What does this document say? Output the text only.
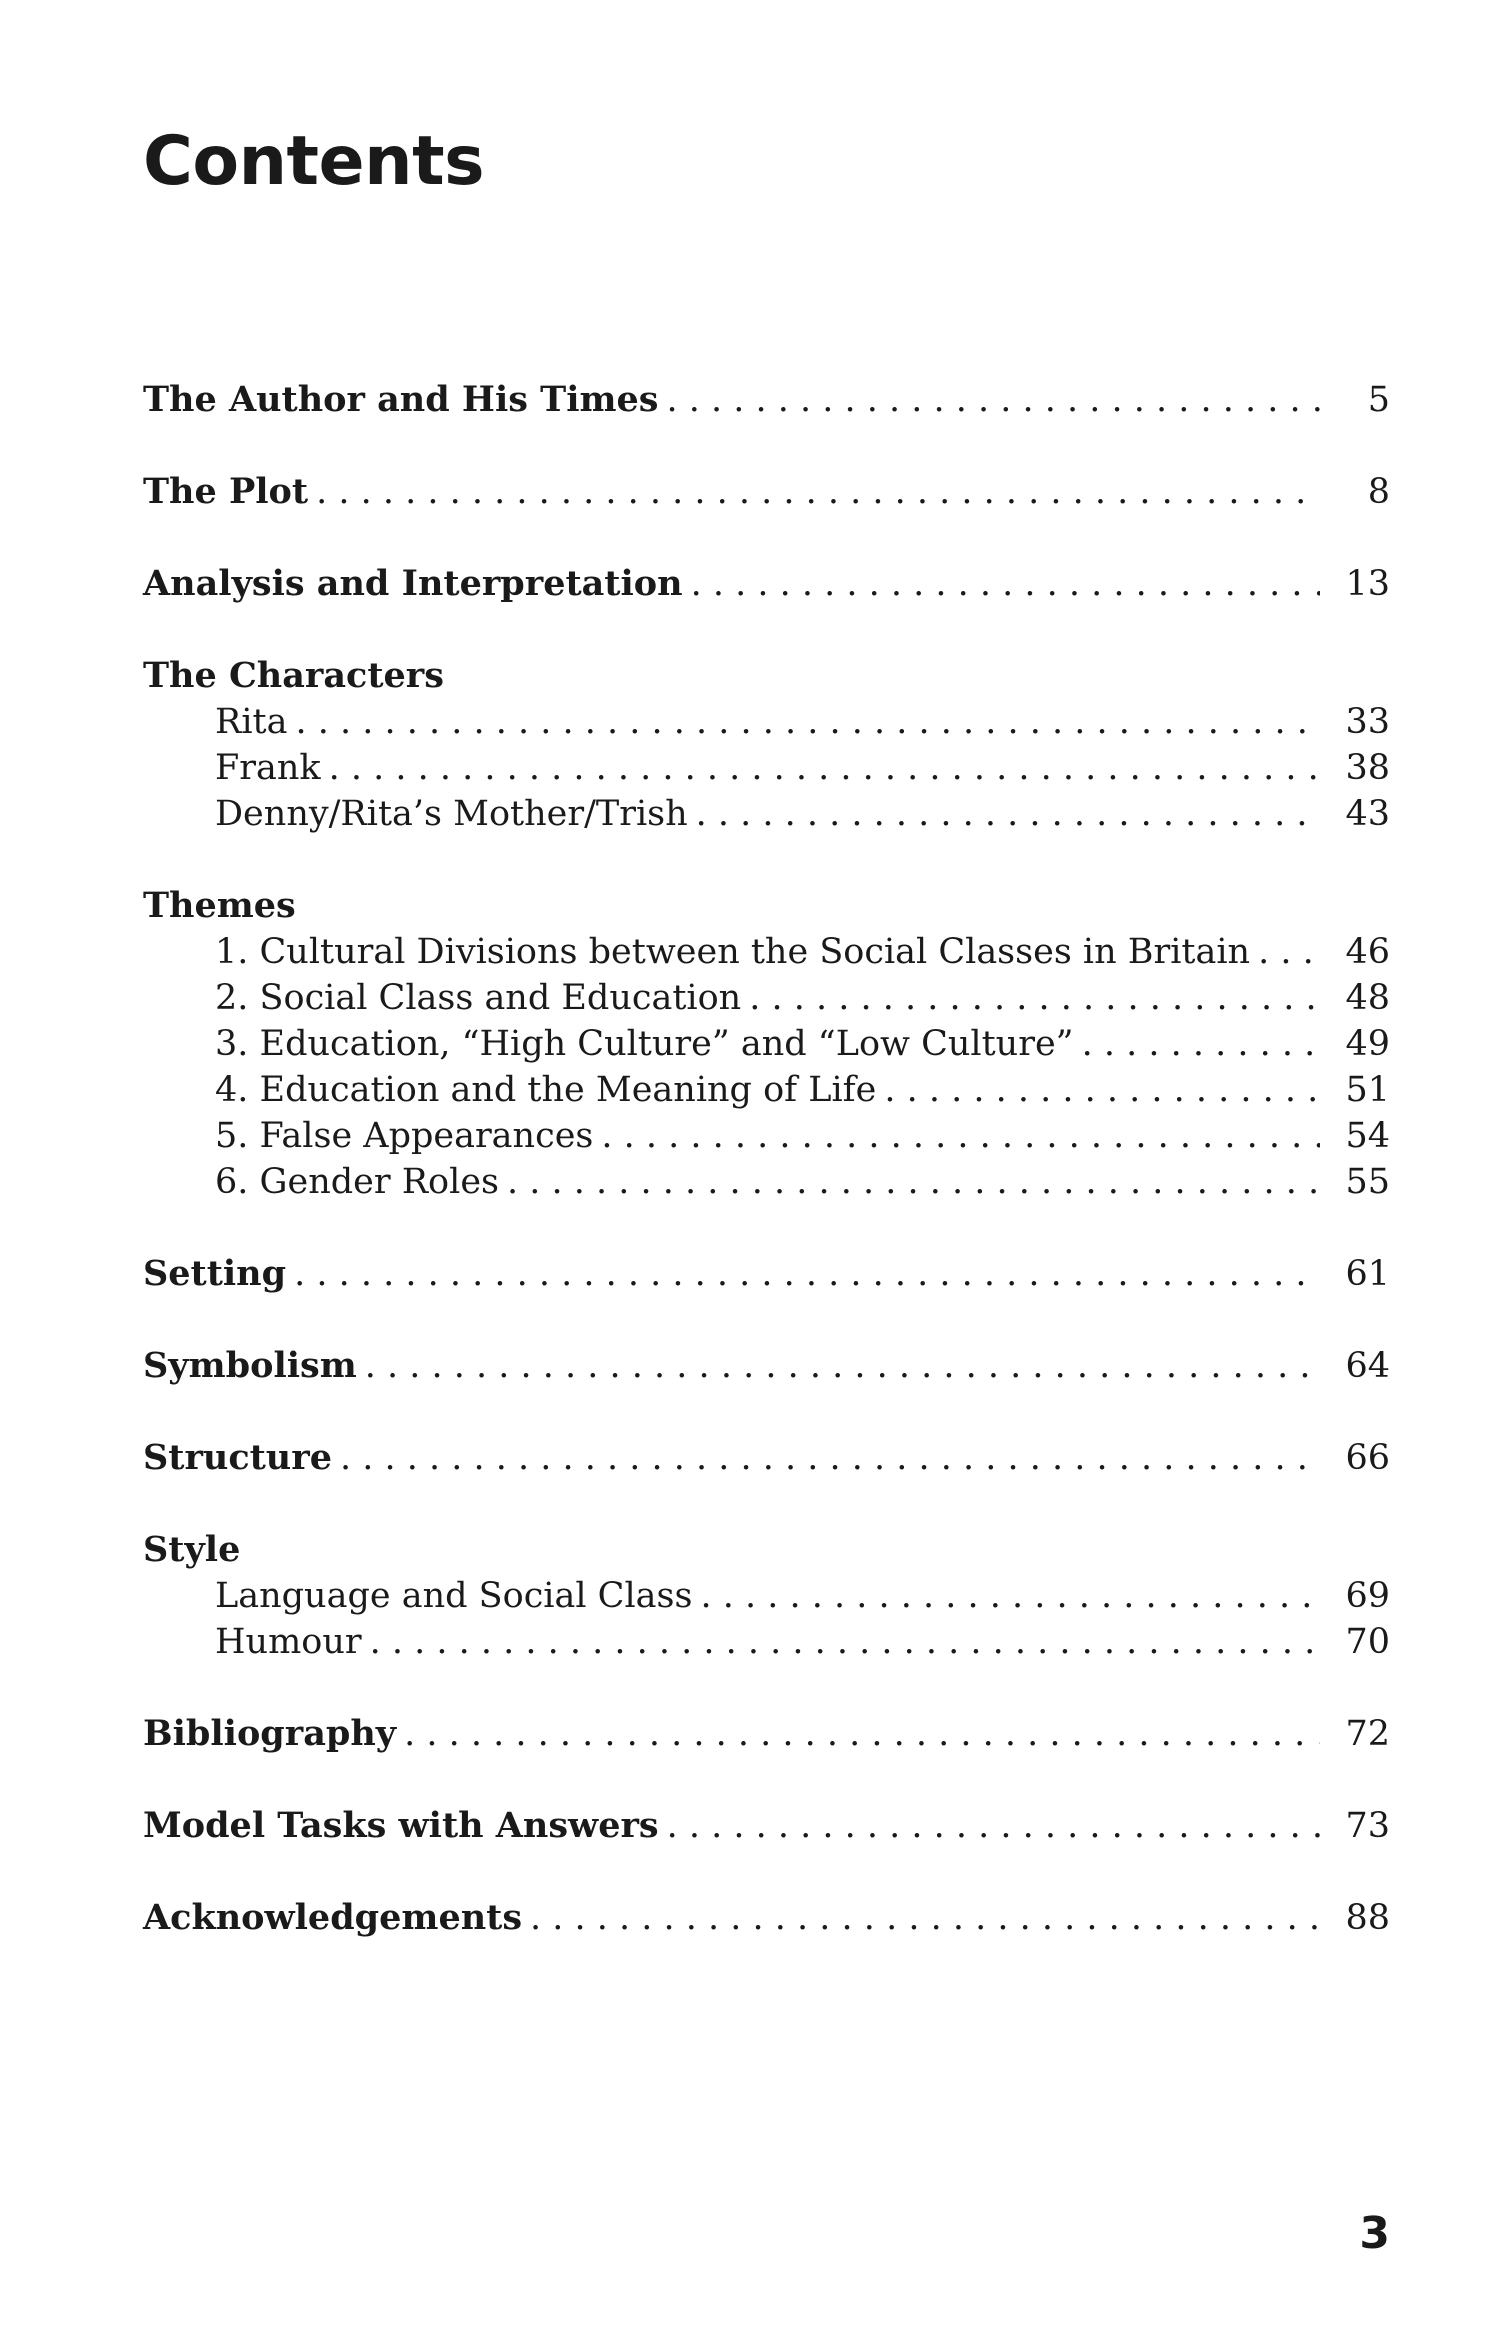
Contents
The Author and His Times . . .	5
The Plot . . .	8
Analysis and Interpretation . . .	13
The Characters
Rita . . .	33
Frank . . .	38
Denny/Rita’s Mother/Trish . . .	43
Themes
1. Cultural Divisions between the Social Classes in Britain . . .	46
2. Social Class and Education . . .	48
3. Education, “High Culture” and “Low Culture” . . .	49
4. Education and the Meaning of Life . . .	51
5. False Appearances . . .	54
6. Gender Roles . . .	55
Setting . . .	61
Symbolism . . .	64
Structure . . .	66
Style
Language and Social Class . . .	69
Humour . . .	70
Bibliography . . .	72
Model Tasks with Answers . . .	73
Acknowledgements . . .	88
3
